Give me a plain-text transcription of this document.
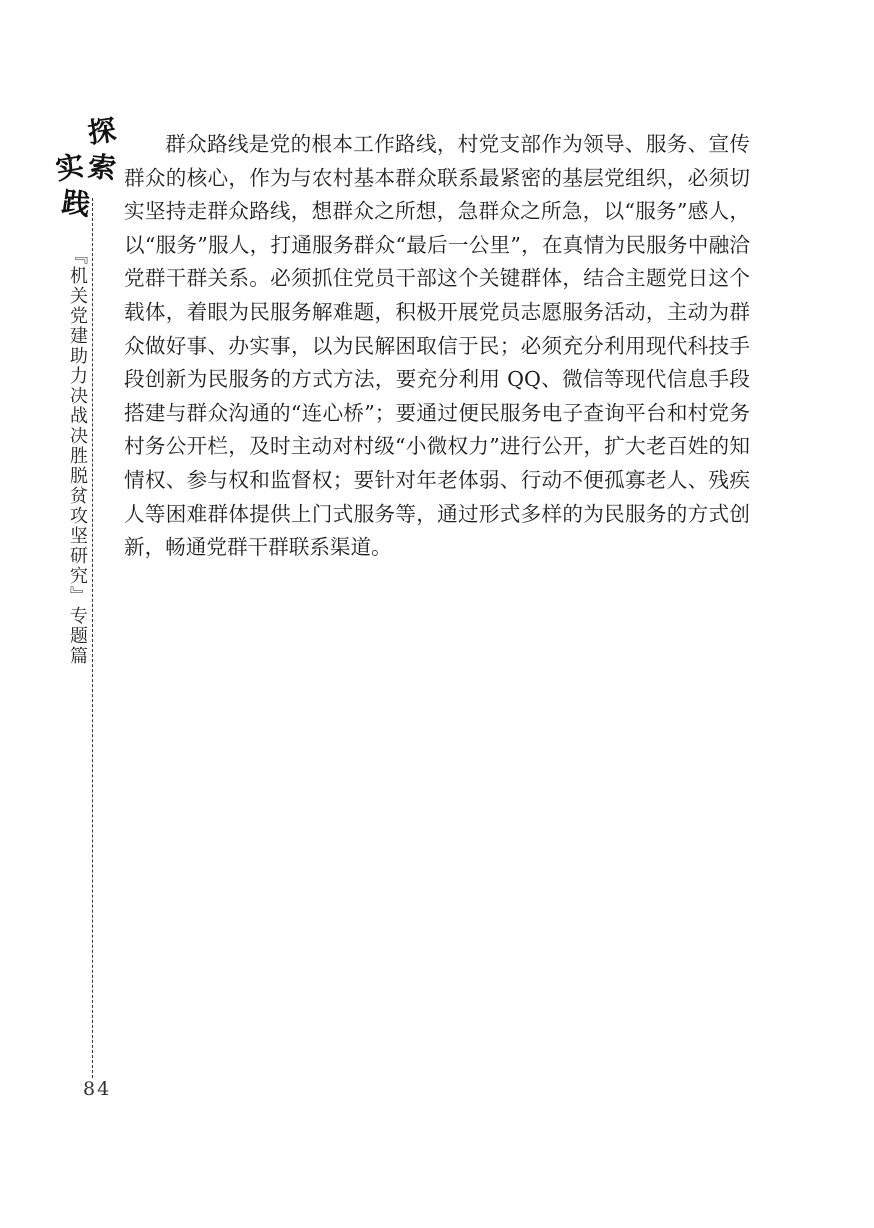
探
索
实
践
『机关党建助力决战决胜脱贫攻坚研究』专题篇
84

群众路线是党的根本工作路线，村党支部作为领导、服务、宣传群众的核心，作为与农村基本群众联系最紧密的基层党组织，必须切实坚持走群众路线，想群众之所想，急群众之所急，以“服务”感人，以“服务”服人，打通服务群众“最后一公里”，在真情为民服务中融洽党群干群关系。必须抓住党员干部这个关键群体，结合主题党日这个载体，着眼为民服务解难题，积极开展党员志愿服务活动，主动为群众做好事、办实事，以为民解困取信于民；必须充分利用现代科技手段创新为民服务的方式方法，要充分利用 QQ、微信等现代信息手段搭建与群众沟通的“连心桥”；要通过便民服务电子查询平台和村党务村务公开栏，及时主动对村级“小微权力”进行公开，扩大老百姓的知情权、参与权和监督权；要针对年老体弱、行动不便孤寡老人、残疾人等困难群体提供上门式服务等，通过形式多样的为民服务的方式创新，畅通党群干群联系渠道。
